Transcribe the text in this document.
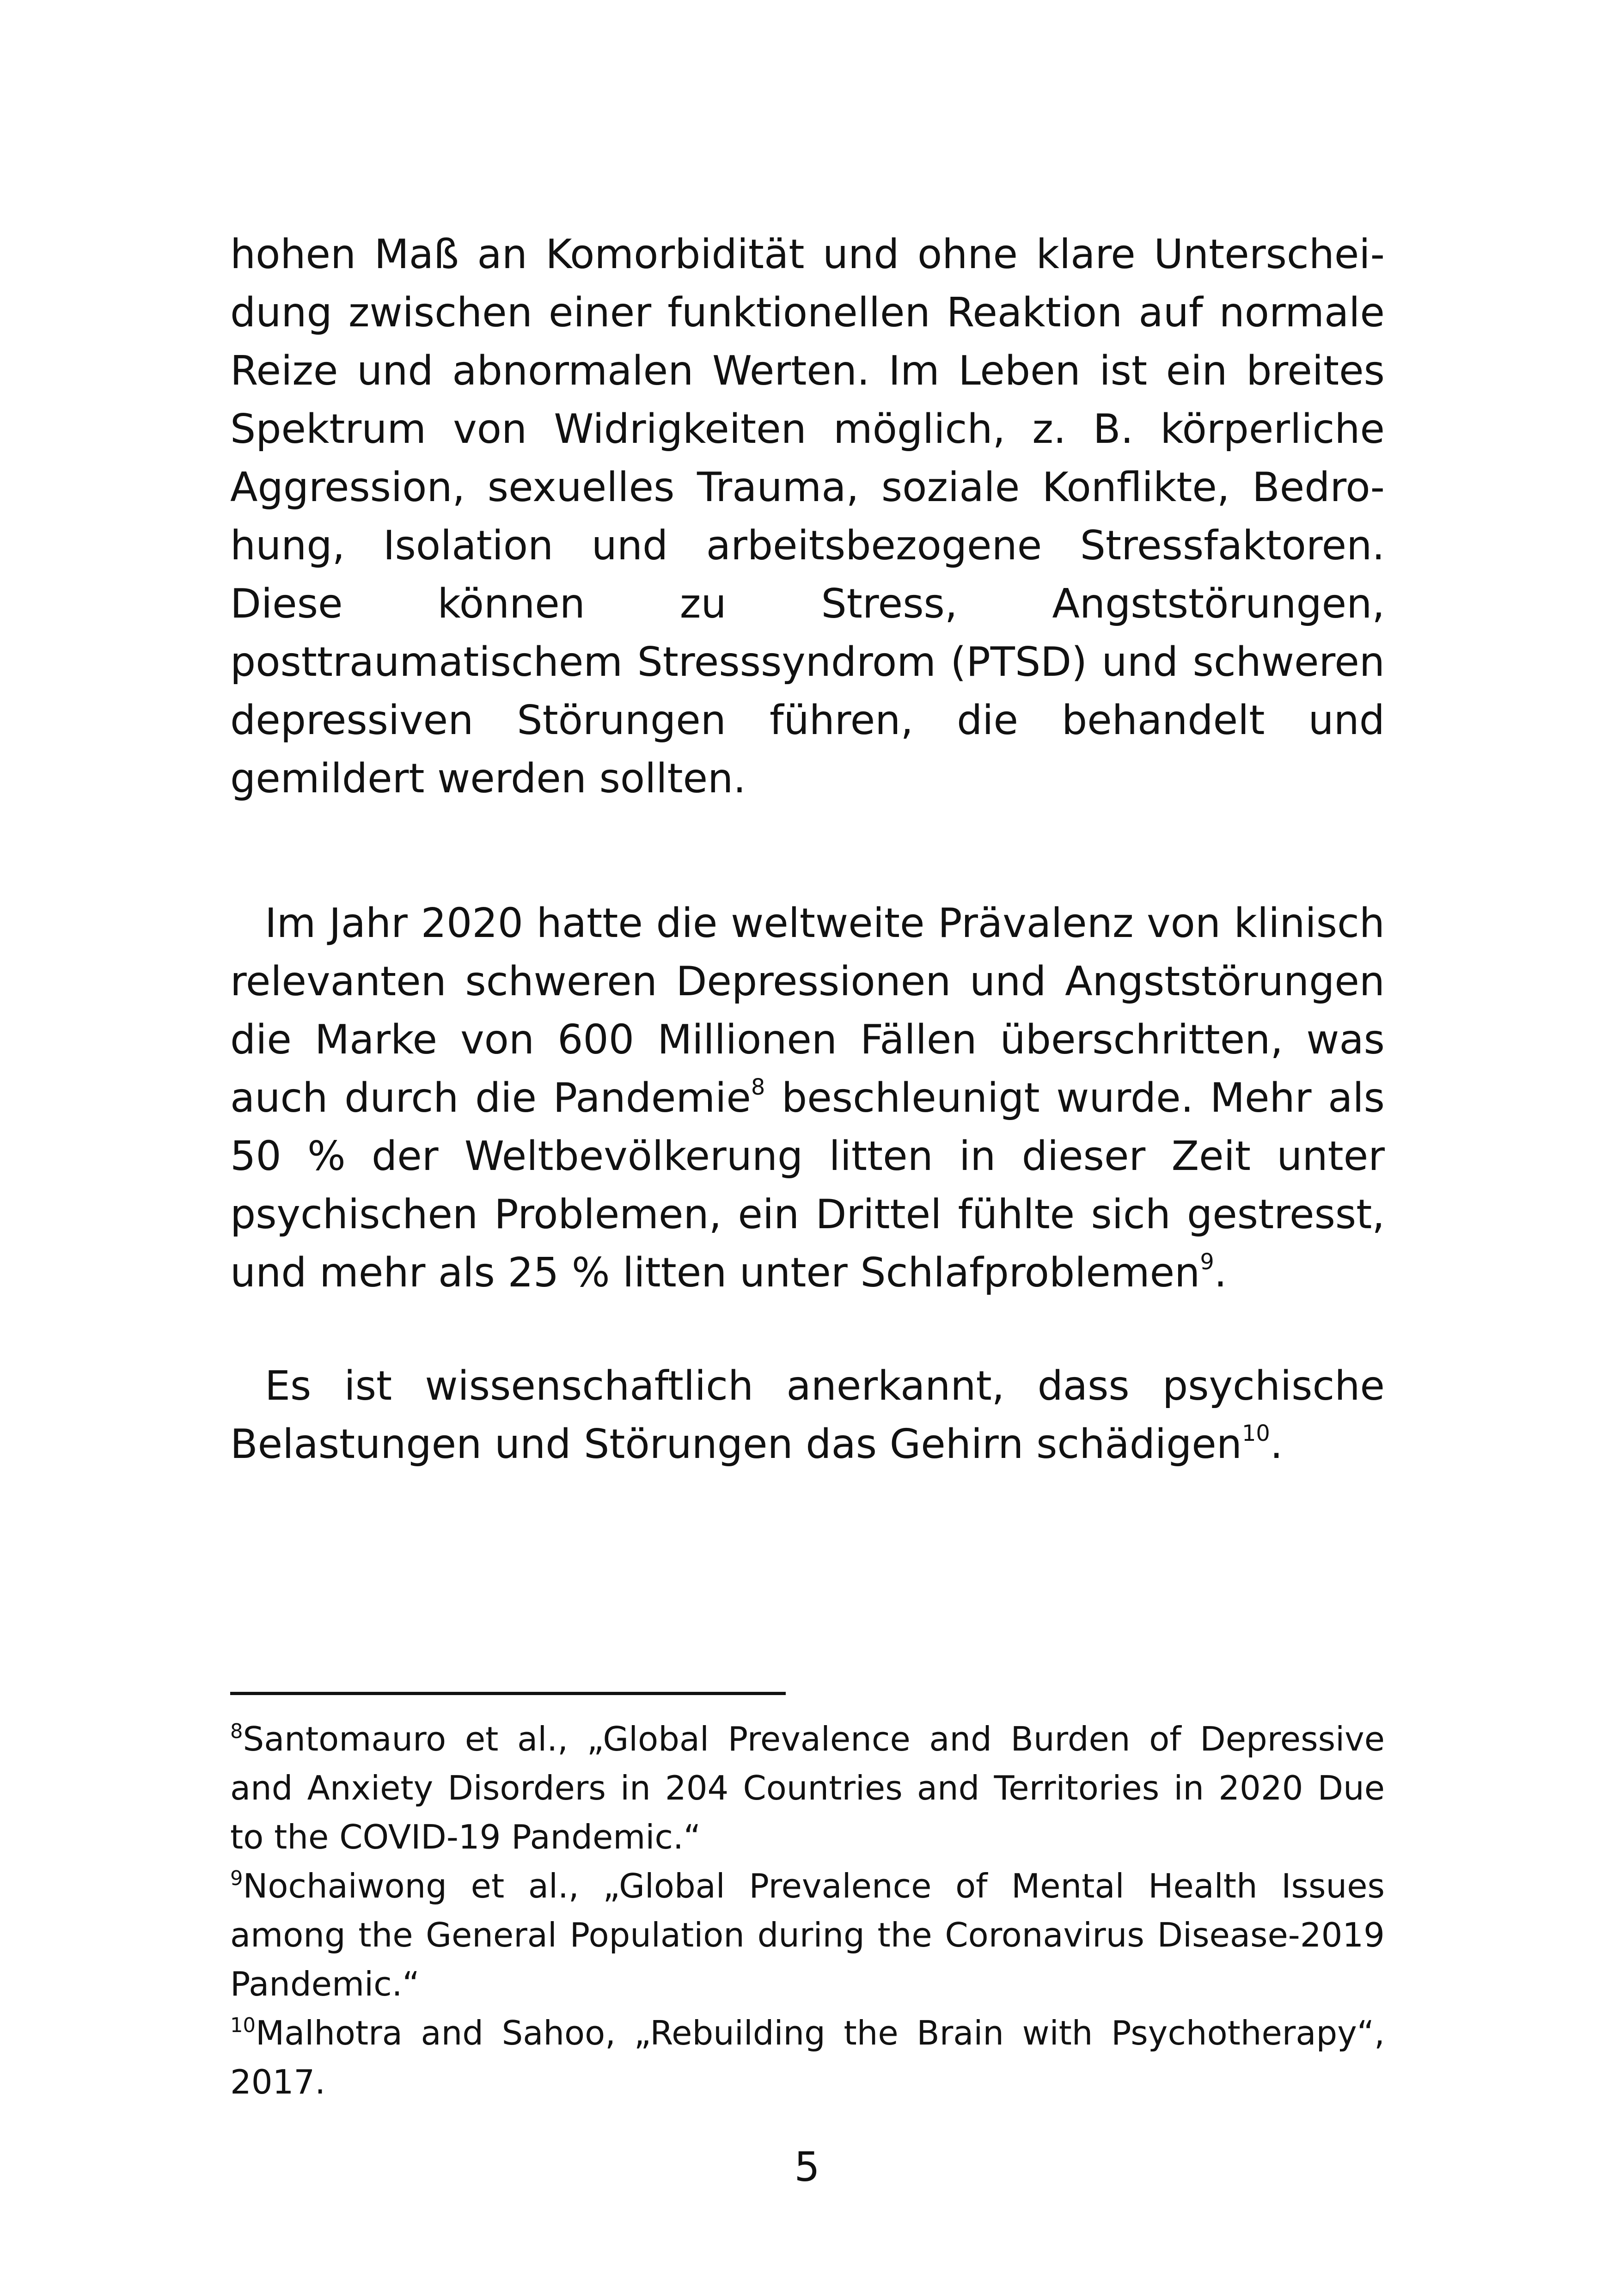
hohen Maß an Komorbidität und ohne klare Unterscheidung zwischen einer funktionellen Reaktion auf normale Reize und abnormalen Werten. Im Leben ist ein breites Spektrum von Widrigkeiten möglich, z. B. körperliche Aggression, sexuelles Trauma, soziale Konflikte, Bedrohung, Isolation und arbeitsbezogene Stressfaktoren. Diese können zu Stress, Angststörungen, posttraumatischem Stresssyndrom (PTSD) und schweren depressiven Störungen führen, die behandelt und gemildert werden sollten.

Im Jahr 2020 hatte die weltweite Prävalenz von klinisch relevanten schweren Depressionen und Angststörungen die Marke von 600 Millionen Fällen überschritten, was auch durch die Pandemie$^8$ beschleunigt wurde. Mehr als 50 % der Weltbevölkerung litten in dieser Zeit unter psychischen Problemen, ein Drittel fühlte sich gestresst, und mehr als 25 % litten unter Schlafproblemen$^9$.

Es ist wissenschaftlich anerkannt, dass psychische Belastungen und Störungen das Gehirn schädigen$^{10}$.

$^8$Santomauro et al., „Global Prevalence and Burden of Depressive and Anxiety Disorders in 204 Countries and Territories in 2020 Due to the COVID-19 Pandemic.“

$^9$Nochaiwong et al., „Global Prevalence of Mental Health Issues among the General Population during the Coronavirus Disease-2019 Pandemic.“

$^{10}$Malhotra and Sahoo, „Rebuilding the Brain with Psychotherapy“, 2017.

5
